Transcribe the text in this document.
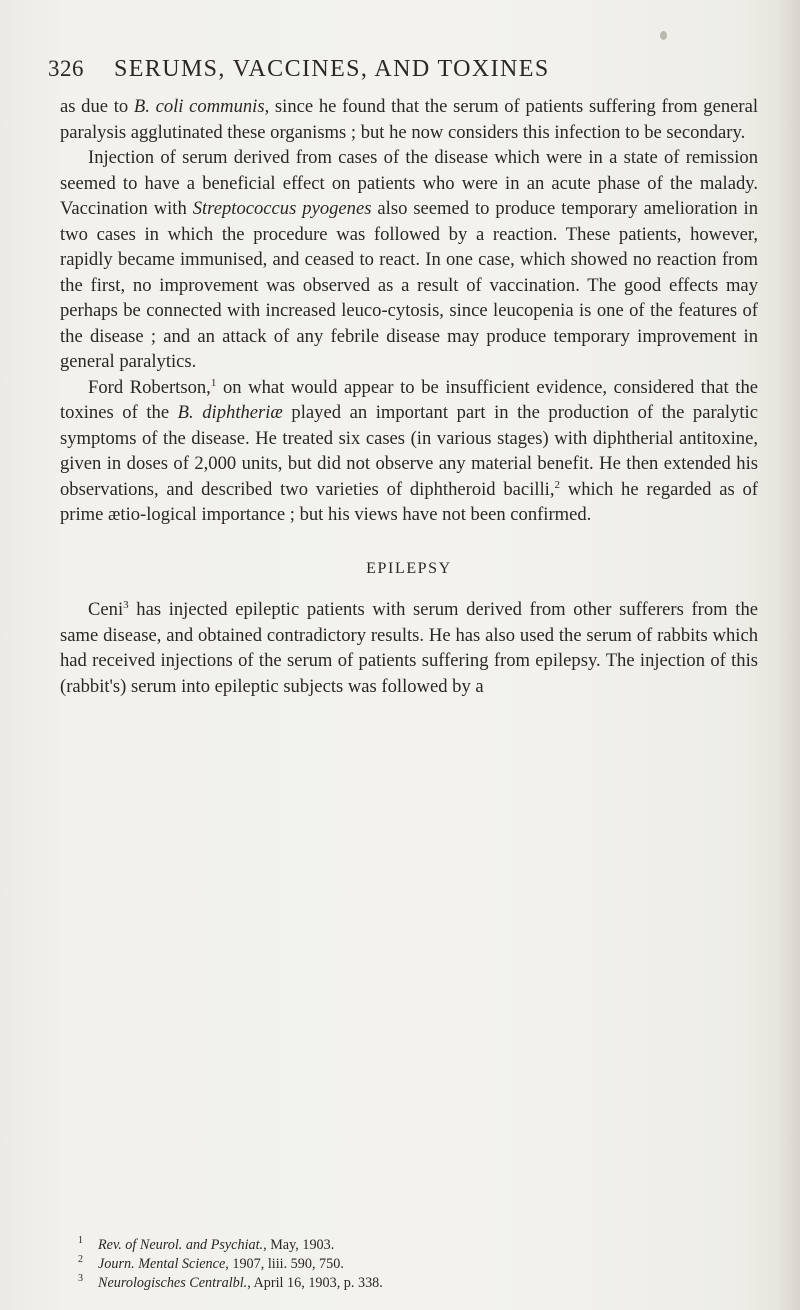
326 SERUMS, VACCINES, AND TOXINES

as due to B. coli communis, since he found that the serum of patients suffering from general paralysis agglutinated these organisms ; but he now considers this infection to be secondary.

Injection of serum derived from cases of the disease which were in a state of remission seemed to have a beneficial effect on patients who were in an acute phase of the malady. Vaccination with Streptococcus pyogenes also seemed to produce temporary amelioration in two cases in which the procedure was followed by a reaction. These patients, however, rapidly became immunised, and ceased to react. In one case, which showed no reaction from the first, no improvement was observed as a result of vaccination. The good effects may perhaps be connected with increased leuco-cytosis, since leucopenia is one of the features of the disease ; and an attack of any febrile disease may produce temporary improvement in general paralytics.

Ford Robertson,$^1$ on what would appear to be insufficient evidence, considered that the toxines of the B. diphtheriæ played an important part in the production of the paralytic symptoms of the disease. He treated six cases (in various stages) with diphtherial antitoxine, given in doses of 2,000 units, but did not observe any material benefit. He then extended his observations, and described two varieties of diphtheroid bacilli,$^2$ which he regarded as of prime ætio-logical importance ; but his views have not been confirmed.

EPILEPSY

Ceni$^3$ has injected epileptic patients with serum derived from other sufferers from the same disease, and obtained contradictory results. He has also used the serum of rabbits which had received injections of the serum of patients suffering from epilepsy. The injection of this (rabbit's) serum into epileptic subjects was followed by a

1 Rev. of Neurol. and Psychiat., May, 1903.

2 Journ. Mental Science, 1907, liii. 590, 750.

3 Neurologisches Centralbl., April 16, 1903, p. 338.
